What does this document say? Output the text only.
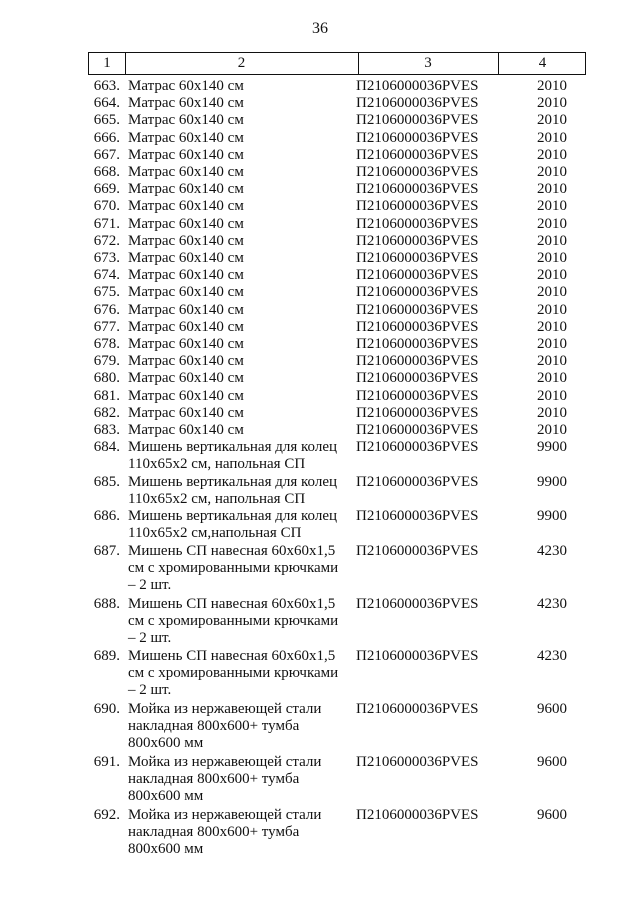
36
1	2	3	4
663. Матрас 60х140 см	П2106000036PVES	2010
664. Матрас 60х140 см	П2106000036PVES	2010
665. Матрас 60х140 см	П2106000036PVES	2010
666. Матрас 60х140 см	П2106000036PVES	2010
667. Матрас 60х140 см	П2106000036PVES	2010
668. Матрас 60х140 см	П2106000036PVES	2010
669. Матрас 60х140 см	П2106000036PVES	2010
670. Матрас 60х140 см	П2106000036PVES	2010
671. Матрас 60х140 см	П2106000036PVES	2010
672. Матрас 60х140 см	П2106000036PVES	2010
673. Матрас 60х140 см	П2106000036PVES	2010
674. Матрас 60х140 см	П2106000036PVES	2010
675. Матрас 60х140 см	П2106000036PVES	2010
676. Матрас 60х140 см	П2106000036PVES	2010
677. Матрас 60х140 см	П2106000036PVES	2010
678. Матрас 60х140 см	П2106000036PVES	2010
679. Матрас 60х140 см	П2106000036PVES	2010
680. Матрас 60х140 см	П2106000036PVES	2010
681. Матрас 60х140 см	П2106000036PVES	2010
682. Матрас 60х140 см	П2106000036PVES	2010
683. Матрас 60х140 см	П2106000036PVES	2010
684. Мишень вертикальная для колец
110х65х2 см, напольная СП
П2106000036PVES	9900
685. Мишень вертикальная для колец
110х65х2 см, напольная СП
П2106000036PVES	9900
686. Мишень вертикальная для колец
110х65х2 см,напольная СП
П2106000036PVES	9900
687. Мишень СП навесная 60х60х1,5
см с хромированными крючками
– 2 шт.
П2106000036PVES	4230
688. Мишень СП навесная 60х60х1,5
см с хромированными крючками
– 2 шт.
П2106000036PVES	4230
689. Мишень СП навесная 60х60х1,5
см с хромированными крючками
– 2 шт.
П2106000036PVES	4230
690. Мойка из нержавеющей стали
накладная 800х600+ тумба
800х600 мм
П2106000036PVES	9600
691. Мойка из нержавеющей стали
накладная 800х600+ тумба
800х600 мм
П2106000036PVES	9600
692. Мойка из нержавеющей стали
накладная 800х600+ тумба
800х600 мм
П2106000036PVES	9600
